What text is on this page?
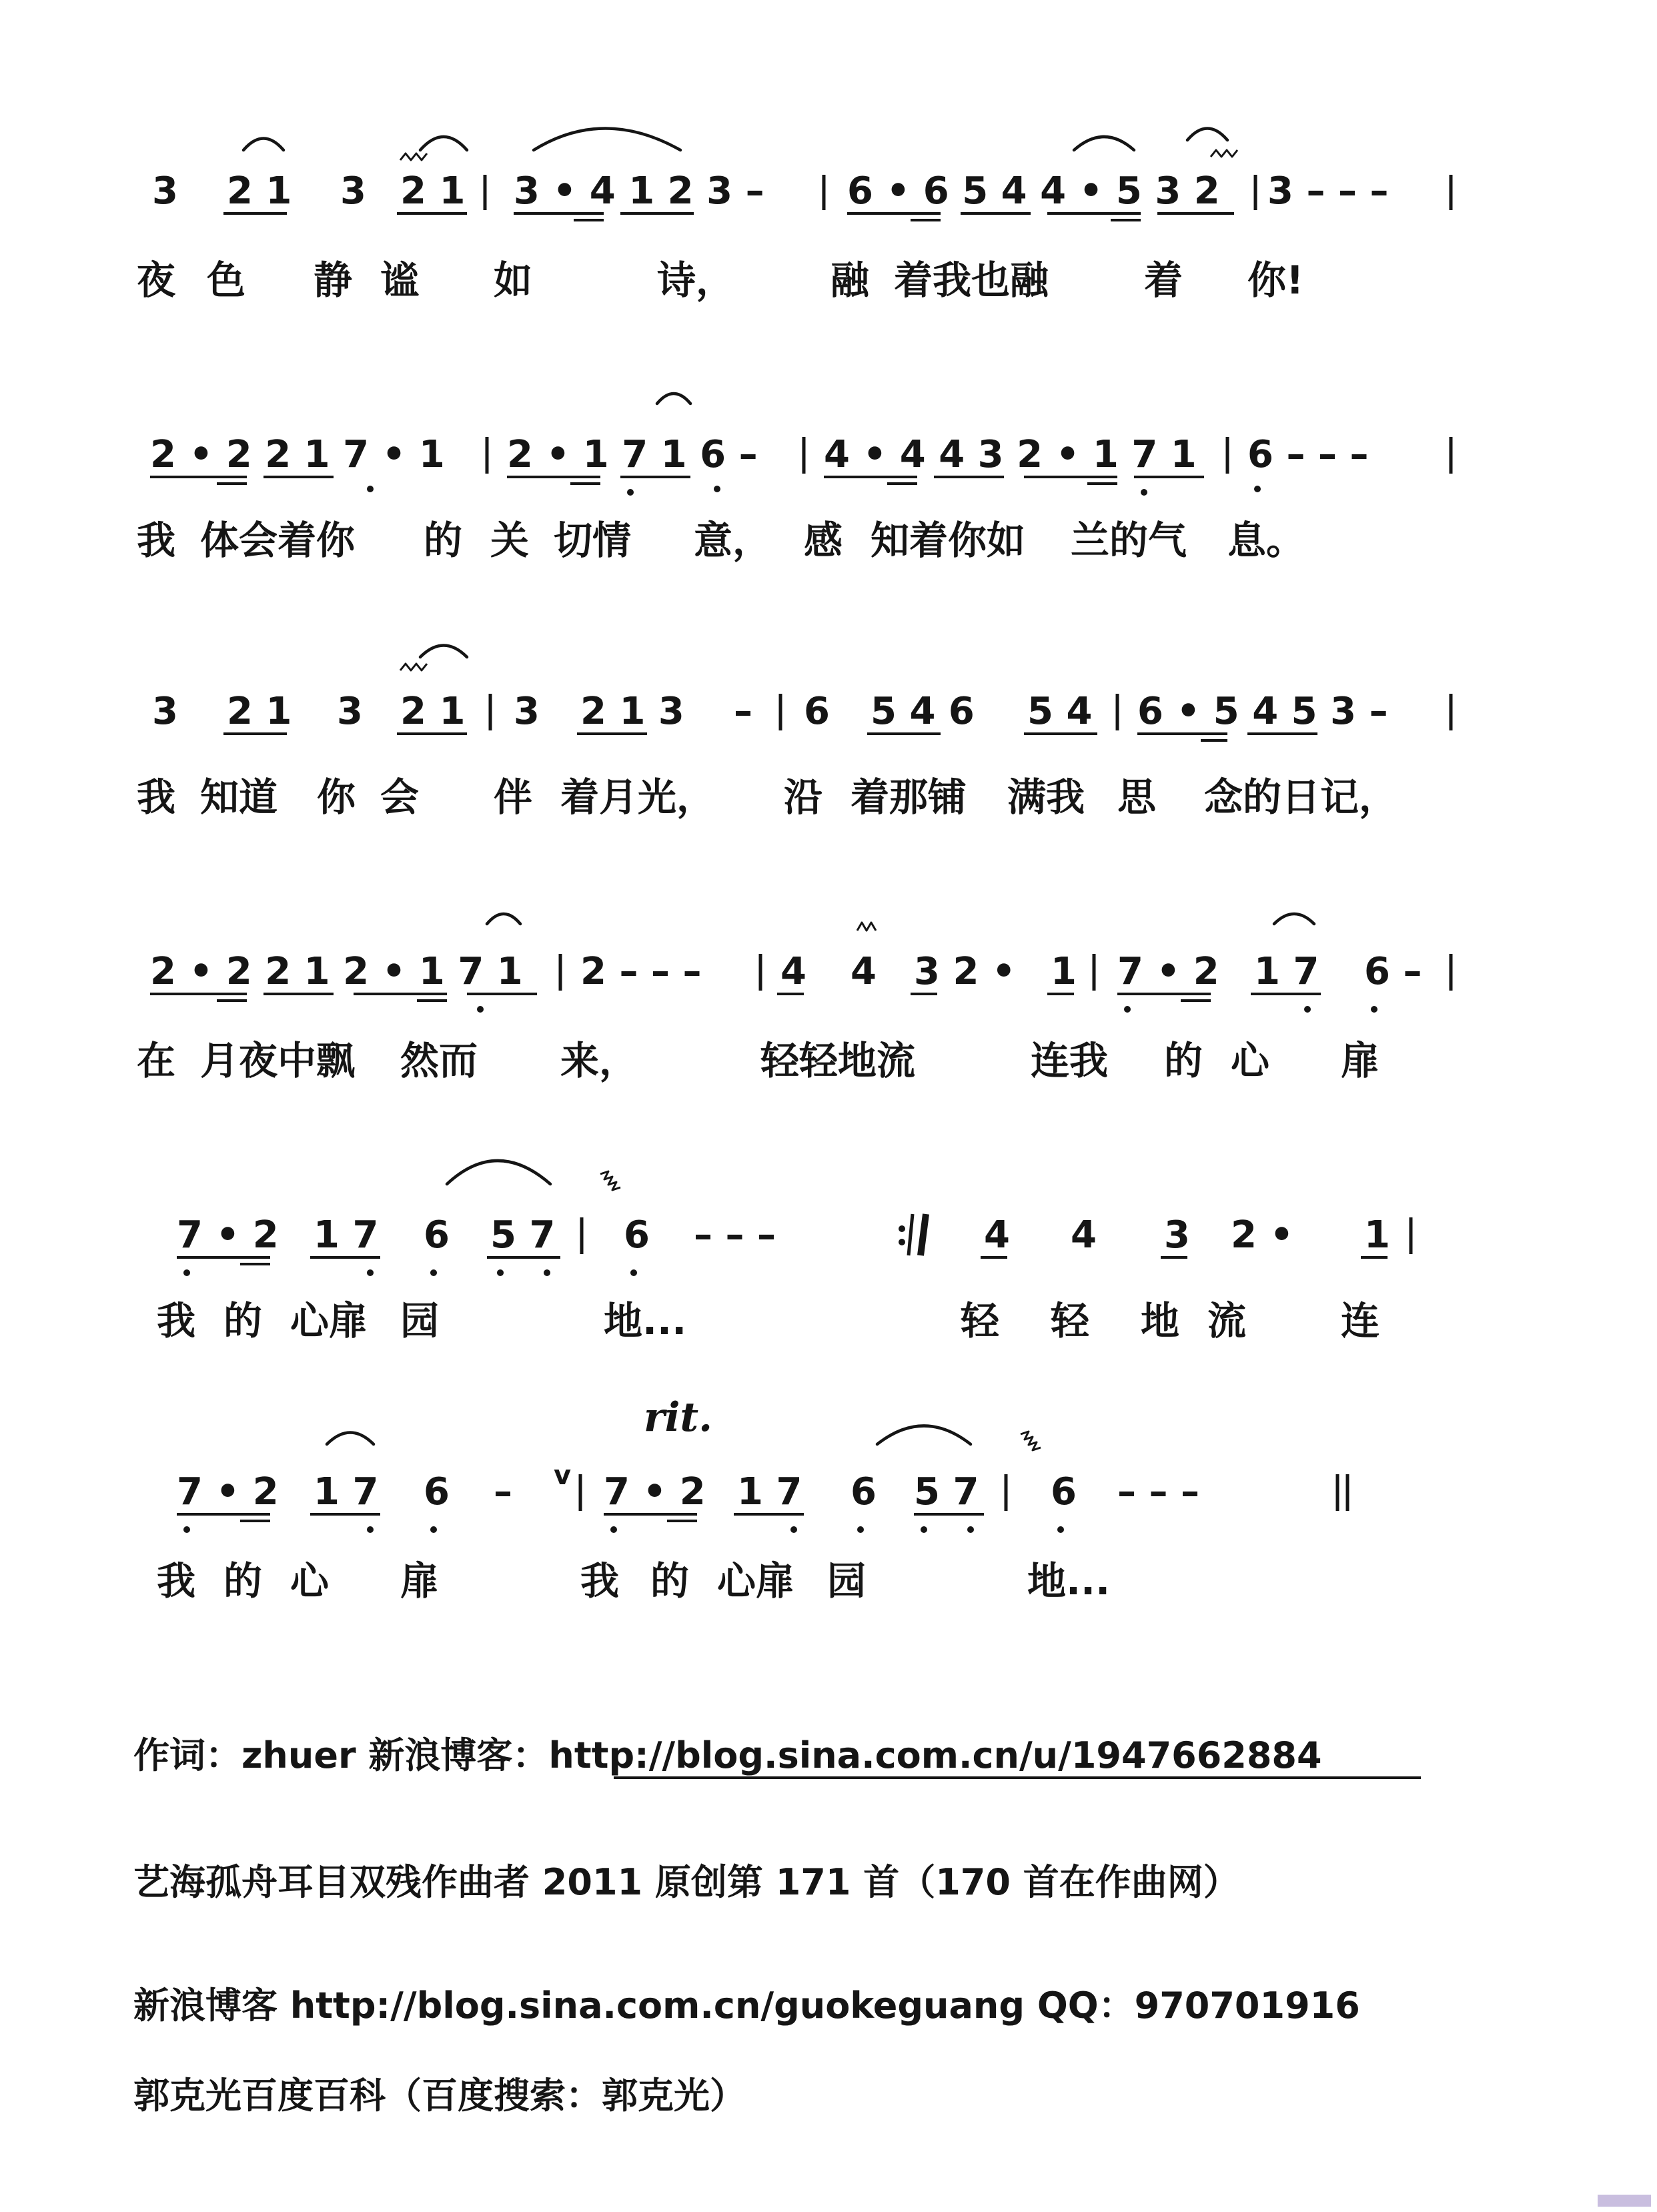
3 2 1 3 2 1 3 • 4 1 2 3 – 6 • 6 5 4 4 • 5 3 2 3 – – –
夜 色 静 谧 如	诗， 融 着我也融 着 你!
2 • 2 2 1 7 • 1 2 • 1 7 1 6 – 4 • 4 4 3 2 • 1 7 1 6 – – –
我 体会着你 的 关 切情 意， 感 知着你如 兰的气 息。
3 2 1 3 2 1 3 2 1 3 – 6 5 4 6 5 4 6 • 5 4 5 3 –
我 知道 你 会 伴 着月光， 沿 着那铺 满我 思 念的日记，
2 • 2 2 1 2 • 1 7 1 2 – – – 4 4 3 2 • 1 7 • 2 1 7 6 –
在 月夜中飘 然而 来，	轻轻地流	连我 的 心 扉
7 • 2 1 7 6 5 7 6 – – –	4 4 3 2 • 1
我 的 心扉 园	地...	轻 轻 地 流 连
rit.
7 • 2 1 7 6 – 7 • 2 1 7 6 5 7 6 – – –
v
我 的 心 扉	我 的 心扉 园	地...
作词：zhuer 新浪博客：http://blog.sina.com.cn/u/1947662884
艺海孤舟耳目双残作曲者 2011 原创第 171 首（170 首在作曲网）
新浪博客 http://blog.sina.com.cn/guokeguang QQ：970701916
郭克光百度百科（百度搜索：郭克光）
